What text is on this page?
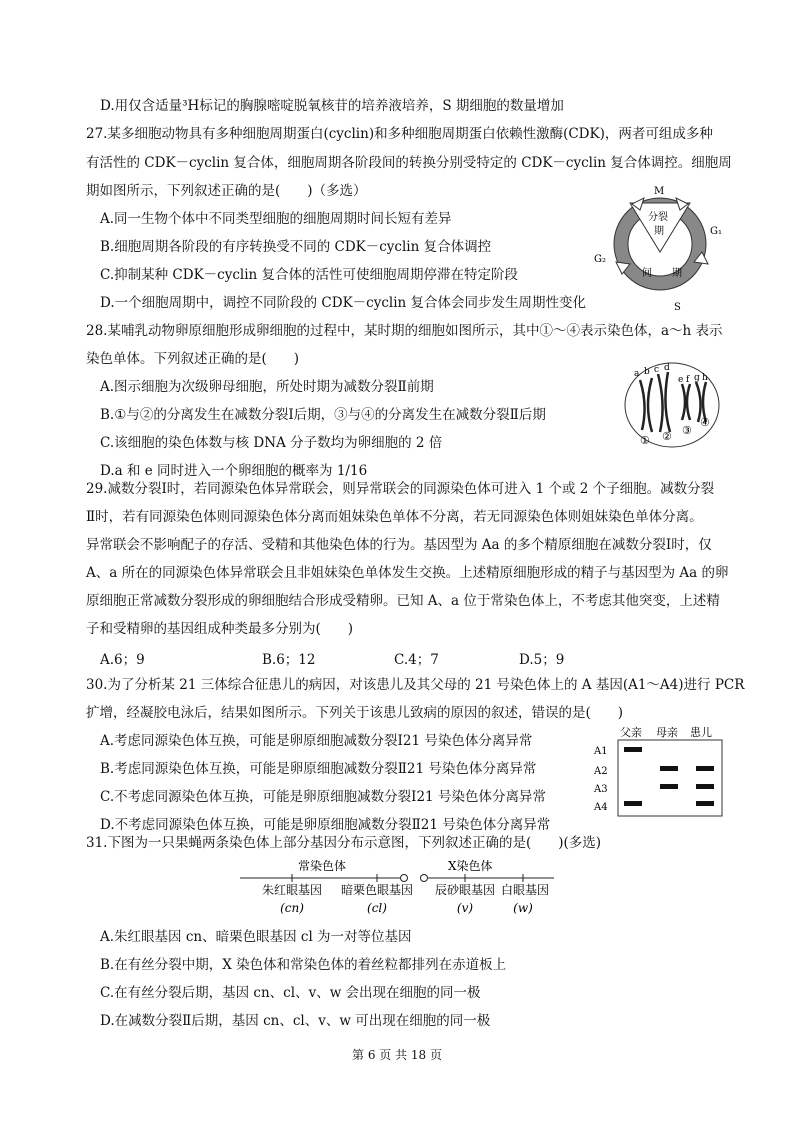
D.用仅含适量³H标记的胸腺嘧啶脱氧核苷的培养液培养，S 期细胞的数量增加
27.某多细胞动物具有多种细胞周期蛋白(cyclin)和多种细胞周期蛋白依赖性激酶(CDK)，两者可组成多种
有活性的 CDK－cyclin 复合体，细胞周期各阶段间的转换分别受特定的 CDK－cyclin 复合体调控。细胞周
期如图所示，下列叙述正确的是(　　)（多选）
A.同一生物个体中不同类型细胞的细胞周期时间长短有差异
B.细胞周期各阶段的有序转换受不同的 CDK－cyclin 复合体调控
C.抑制某种 CDK－cyclin 复合体的活性可使细胞周期停滞在特定阶段
D.一个细胞周期中，调控不同阶段的 CDK－cyclin 复合体会同步发生周期性变化
M
G₁
G₂
S
分裂
期
间 期
28.某哺乳动物卵原细胞形成卵细胞的过程中，某时期的细胞如图所示，其中①～④表示染色体，a～h 表示
染色单体。下列叙述正确的是(　　)
A.图示细胞为次级卵母细胞，所处时期为减数分裂Ⅱ前期
B.①与②的分离发生在减数分裂Ⅰ后期，③与④的分离发生在减数分裂Ⅱ后期
C.该细胞的染色体数与核 DNA 分子数均为卵细胞的 2 倍
D.a 和 e 同时进入一个卵细胞的概率为 1/16
a b c d
e f g h
① ② ③
④
29.减数分裂Ⅰ时，若同源染色体异常联会，则异常联会的同源染色体可进入 1 个或 2 个子细胞。减数分裂
Ⅱ时，若有同源染色体则同源染色体分离而姐妹染色单体不分离，若无同源染色体则姐妹染色单体分离。
异常联会不影响配子的存活、受精和其他染色体的行为。基因型为 Aa 的多个精原细胞在减数分裂Ⅰ时，仅
A、a 所在的同源染色体异常联会且非姐妹染色单体发生交换。上述精原细胞形成的精子与基因型为 Aa 的卵
原细胞正常减数分裂形成的卵细胞结合形成受精卵。已知 A、a 位于常染色体上，不考虑其他突变，上述精
子和受精卵的基因组成种类最多分别为(　　)
A.6；9	B.6；12	C.4；7	D.5；9
30.为了分析某 21 三体综合征患儿的病因，对该患儿及其父母的 21 号染色体上的 A 基因(A1～A4)进行 PCR
扩增，经凝胶电泳后，结果如图所示。下列关于该患儿致病的原因的叙述，错误的是(　　)
A.考虑同源染色体互换，可能是卵原细胞减数分裂Ⅰ21 号染色体分离异常
B.考虑同源染色体互换，可能是卵原细胞减数分裂Ⅱ21 号染色体分离异常
C.不考虑同源染色体互换，可能是卵原细胞减数分裂Ⅰ21 号染色体分离异常
D.不考虑同源染色体互换，可能是卵原细胞减数分裂Ⅱ21 号染色体分离异常
父亲 母亲 患儿
A1
A2
A3
A4
31.下图为一只果蝇两条染色体上部分基因分布示意图，下列叙述正确的是(　　)(多选)
常染色体	X染色体
朱红眼基因 暗栗色眼基因 辰砂眼基因 白眼基因
(cn)	(cl)	(v)	(w)
A.朱红眼基因 cn、暗栗色眼基因 cl 为一对等位基因
B.在有丝分裂中期，X 染色体和常染色体的着丝粒都排列在赤道板上
C.在有丝分裂后期，基因 cn、cl、v、w 会出现在细胞的同一极
D.在减数分裂Ⅱ后期，基因 cn、cl、v、w 可出现在细胞的同一极
第 6 页 共 18 页
